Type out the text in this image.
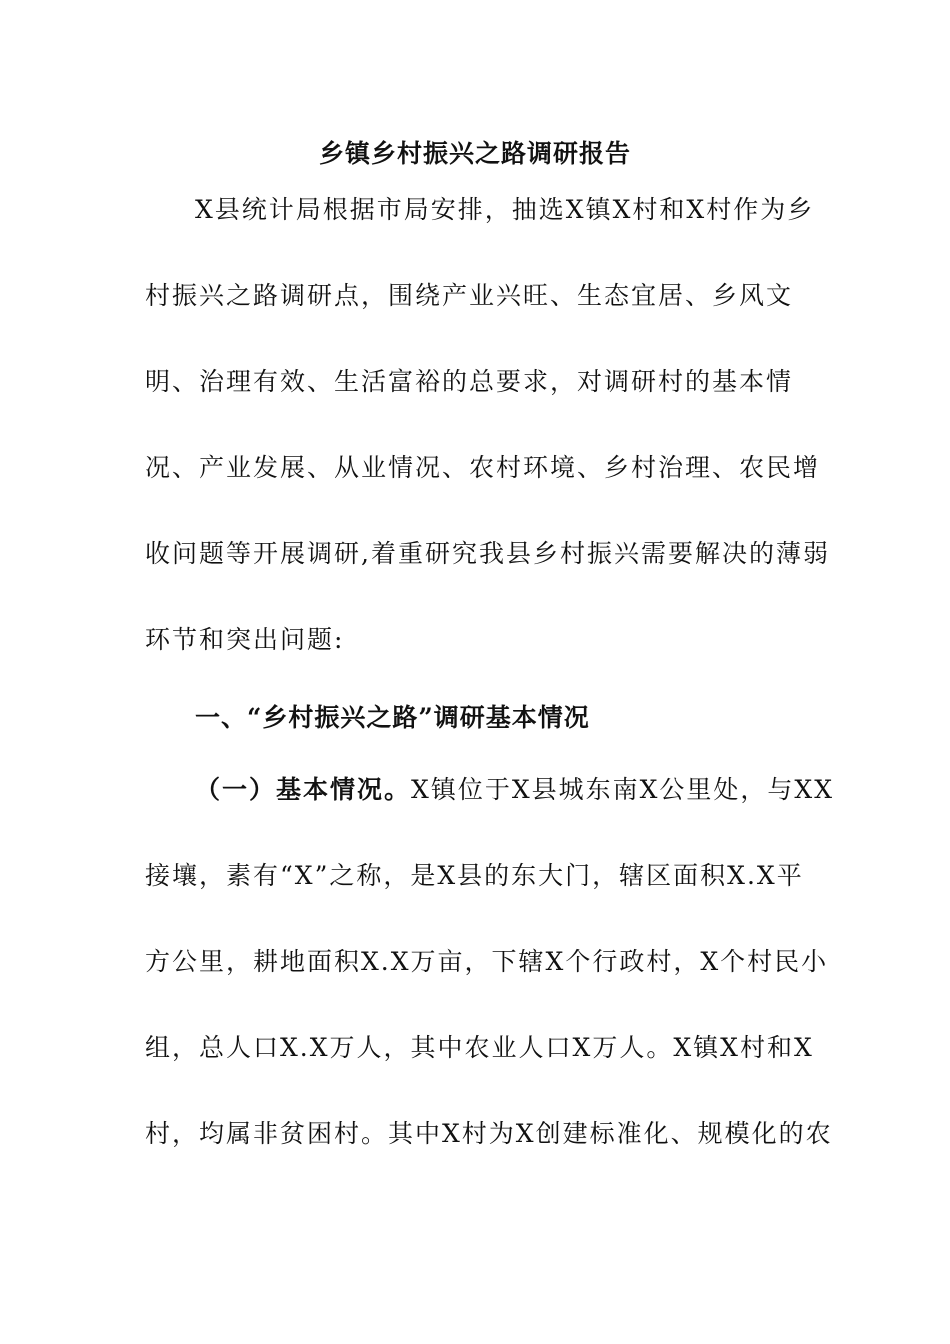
乡镇乡村振兴之路调研报告
X县统计局根据市局安排，抽选X镇X村和X村作为乡
村振兴之路调研点，围绕产业兴旺、生态宜居、乡风文
明、治理有效、生活富裕的总要求，对调研村的基本情
况、产业发展、从业情况、农村环境、乡村治理、农民增
收问题等开展调研,着重研究我县乡村振兴需要解决的薄弱
环节和突出问题:
一、“乡村振兴之路”调研基本情况
（一）基本情况。X镇位于X县城东南X公里处，与XX
接壤，素有“X”之称，是X县的东大门，辖区面积X.X平
方公里，耕地面积X.X万亩，下辖X个行政村，X个村民小
组，总人口X.X万人，其中农业人口X万人。X镇X村和X
村，均属非贫困村。其中X村为X创建标准化、规模化的农
